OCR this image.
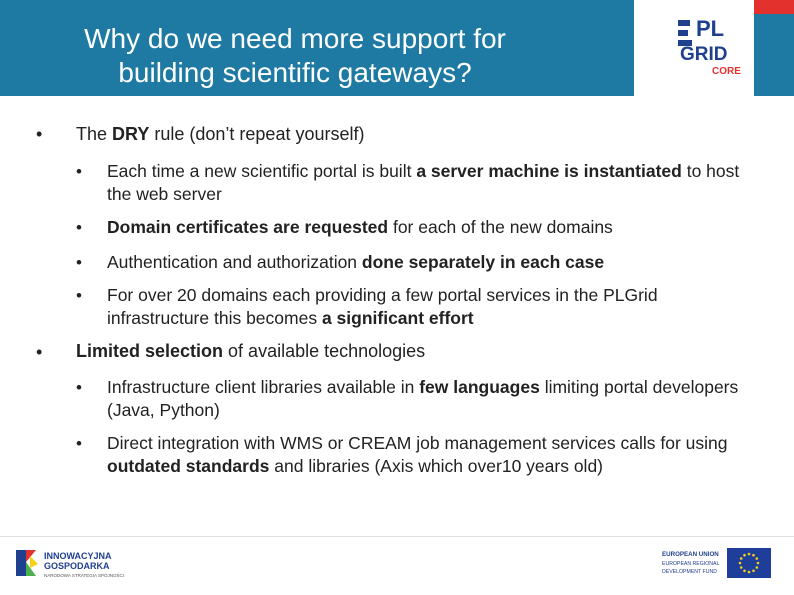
Why do we need more support for
building scientific gateways?
PL
GRID
CORE
• The DRY rule (don’t repeat yourself)
• Each time a new scientific portal is built a server machine is instantiated to host the web server
• Domain certificates are requested for each of the new domains
• Authentication and authorization done separately in each case
• For over 20 domains each providing a few portal services in the PLGrid infrastructure this becomes a significant effort
• Limited selection of available technologies
• Infrastructure client libraries available in few languages limiting portal developers (Java, Python)
• Direct integration with WMS or CREAM job management services calls for using outdated standards and libraries (Axis which over10 years old)
INNOWACYJNA
GOSPODARKA
NARODOWA STRATEGIA SPÓJNOŚCI
EUROPEAN UNION
EUROPEAN REGIONAL
DEVELOPMENT FUND
